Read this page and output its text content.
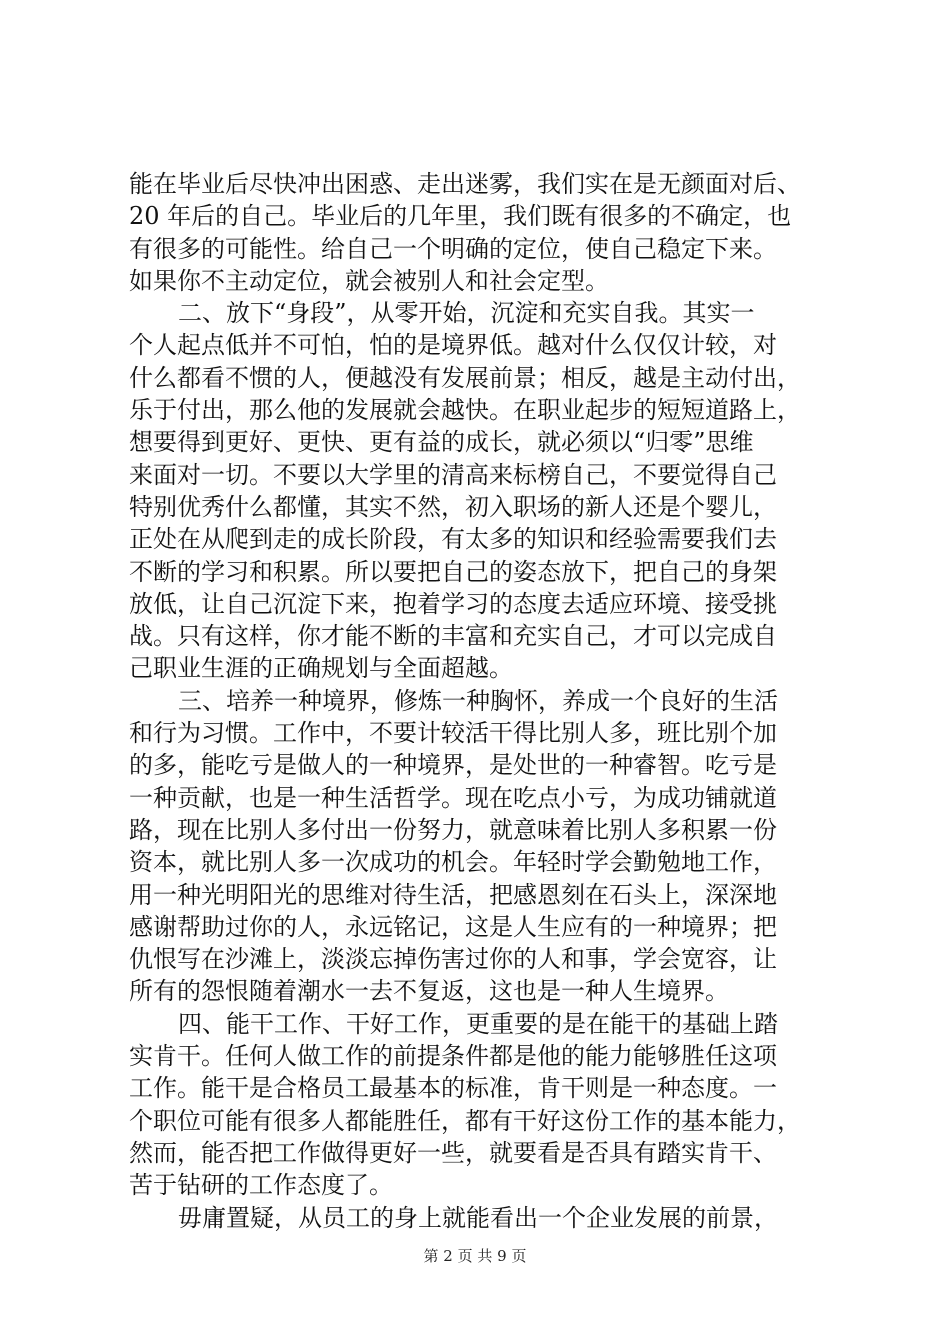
能在毕业后尽快冲出困惑、走出迷雾，我们实在是无颜面对后、
20 年后的自己。毕业后的几年里，我们既有很多的不确定，也
有很多的可能性。给自己一个明确的定位，使自己稳定下来。
如果你不主动定位，就会被别人和社会定型。
二、放下“身段”，从零开始，沉淀和充实自我。其实一
个人起点低并不可怕，怕的是境界低。越对什么仅仅计较，对
什么都看不惯的人，便越没有发展前景；相反，越是主动付出，
乐于付出，那么他的发展就会越快。在职业起步的短短道路上，
想要得到更好、更快、更有益的成长，就必须以“归零”思维
来面对一切。不要以大学里的清高来标榜自己，不要觉得自己
特别优秀什么都懂，其实不然，初入职场的新人还是个婴儿，
正处在从爬到走的成长阶段，有太多的知识和经验需要我们去
不断的学习和积累。所以要把自己的姿态放下，把自己的身架
放低，让自己沉淀下来，抱着学习的态度去适应环境、接受挑
战。只有这样，你才能不断的丰富和充实自己，才可以完成自
己职业生涯的正确规划与全面超越。
三、培养一种境界，修炼一种胸怀，养成一个良好的生活
和行为习惯。工作中，不要计较活干得比别人多，班比别个加
的多，能吃亏是做人的一种境界，是处世的一种睿智。吃亏是
一种贡献，也是一种生活哲学。现在吃点小亏，为成功铺就道
路，现在比别人多付出一份努力，就意味着比别人多积累一份
资本，就比别人多一次成功的机会。年轻时学会勤勉地工作，
用一种光明阳光的思维对待生活，把感恩刻在石头上，深深地
感谢帮助过你的人，永远铭记，这是人生应有的一种境界；把
仇恨写在沙滩上，淡淡忘掉伤害过你的人和事，学会宽容，让
所有的怨恨随着潮水一去不复返，这也是一种人生境界。
四、能干工作、干好工作，更重要的是在能干的基础上踏
实肯干。任何人做工作的前提条件都是他的能力能够胜任这项
工作。能干是合格员工最基本的标准，肯干则是一种态度。一
个职位可能有很多人都能胜任，都有干好这份工作的基本能力，
然而，能否把工作做得更好一些，就要看是否具有踏实肯干、
苦于钻研的工作态度了。
毋庸置疑，从员工的身上就能看出一个企业发展的前景，
第 2 页 共 9 页
